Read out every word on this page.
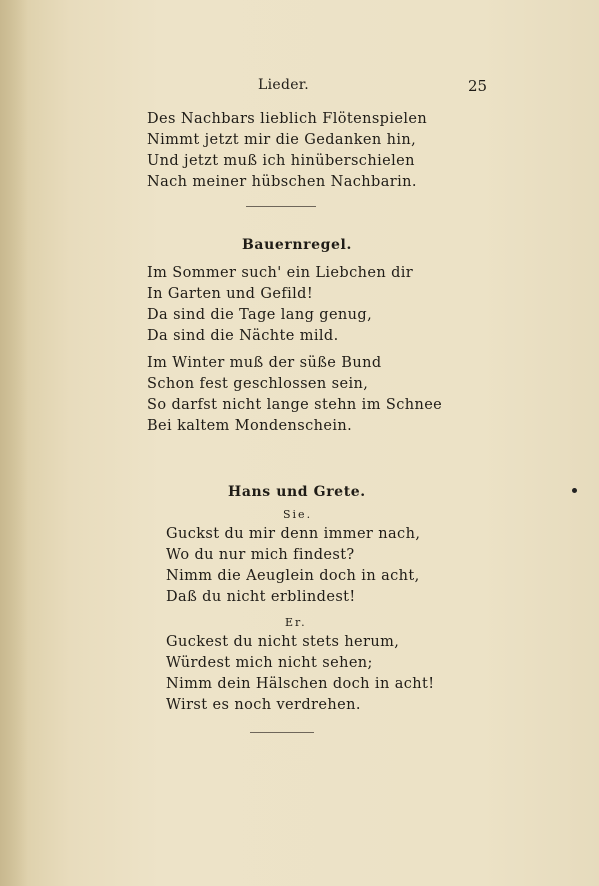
Lieder.	25
Des Nachbars lieblich Flötenspielen
Nimmt jetzt mir die Gedanken hin,
Und jetzt muß ich hinüberschielen
Nach meiner hübschen Nachbarin.
Bauernregel.
Im Sommer such' ein Liebchen dir
In Garten und Gefild!
Da sind die Tage lang genug,
Da sind die Nächte mild.
Im Winter muß der süße Bund
Schon fest geschlossen sein,
So darfst nicht lange stehn im Schnee
Bei kaltem Mondenschein.
Hans und Grete.
Sie.
Guckst du mir denn immer nach,
Wo du nur mich findest?
Nimm die Aeuglein doch in acht,
Daß du nicht erblindest!
Er.
Guckest du nicht stets herum,
Würdest mich nicht sehen;
Nimm dein Hälschen doch in acht!
Wirst es noch verdrehen.
